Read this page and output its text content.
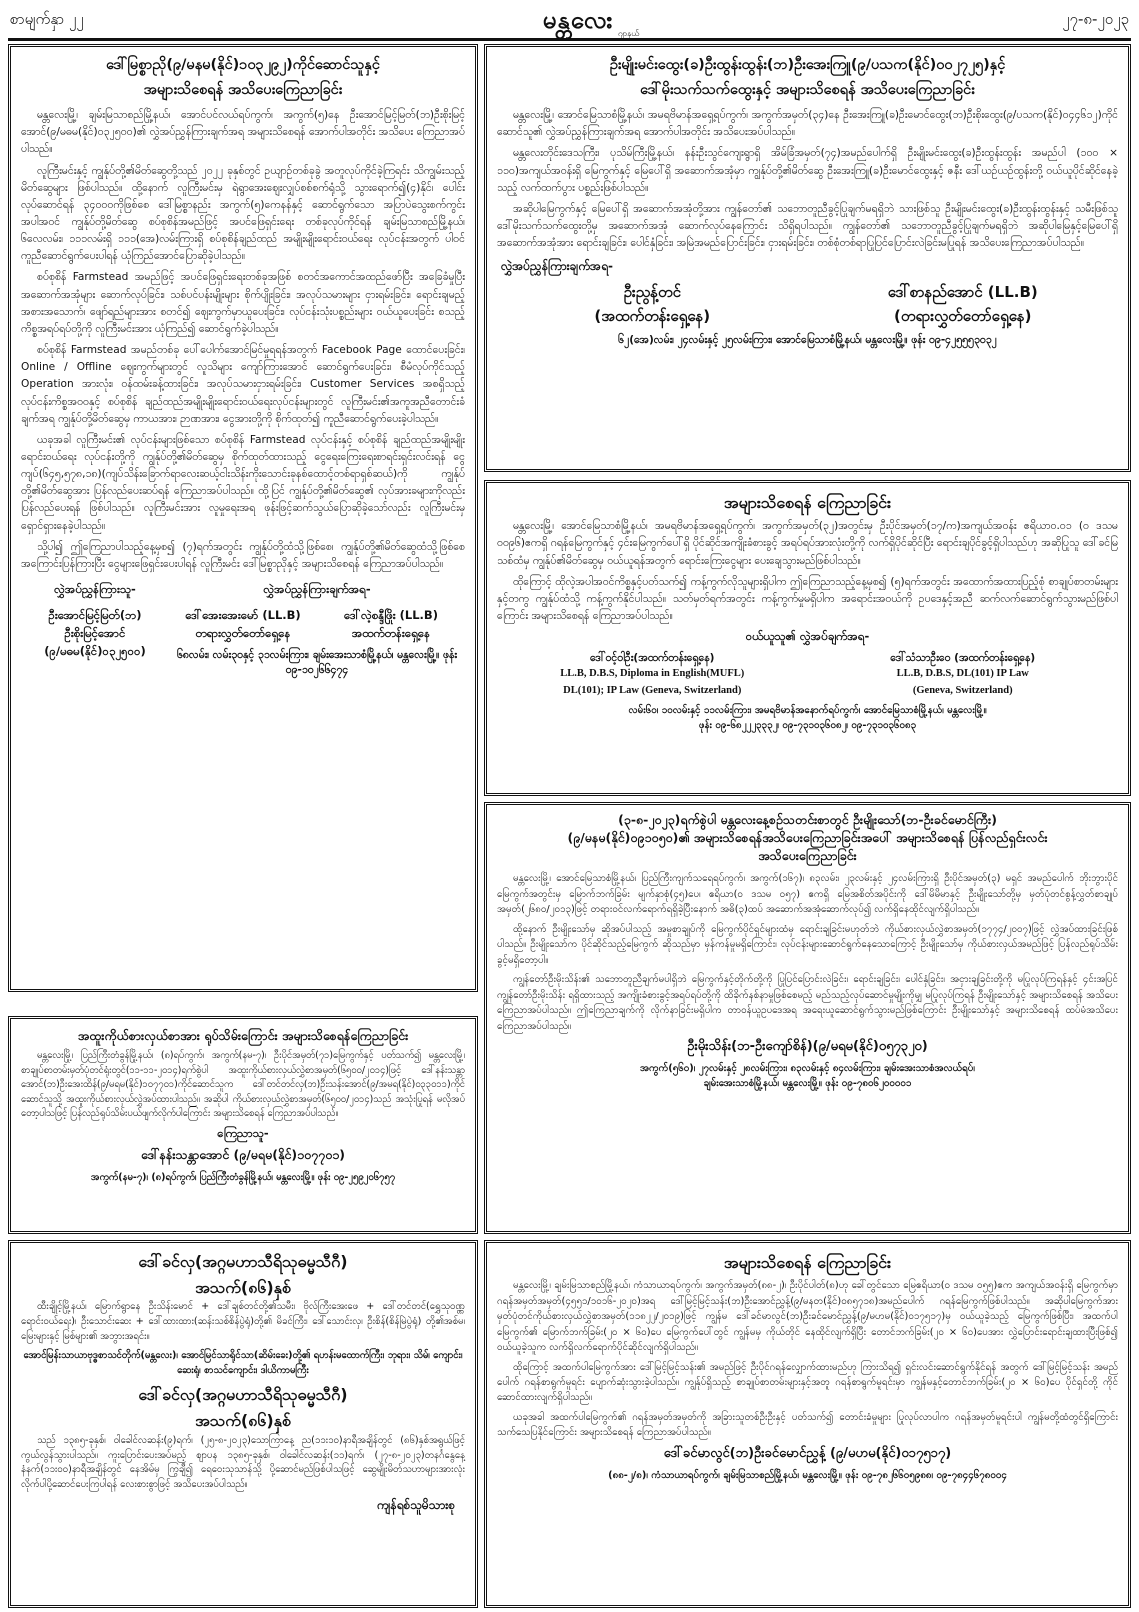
စာမျက်နှာ ၂၂	မန္တလေး ဂျာနယ်
၂၇-၈-၂၀၂၃
ဒေါ်မြစ္စာညို(၉/မနမ(နိုင်)၁၀၃၂၉၂)ကိုင်ဆောင်သူနှင့်
အများသိစေရန် အသိပေးကြေညာခြင်း

မန္တလေးမြို့၊ ချမ်းမြသာစည်မြို့နယ်၊ အောင်ပင်လယ်ရပ်ကွက်၊ အကွက်(၅)နေ ဦးအောင်မြင့်မြတ်(ဘ)ဦးစိုးမြင့်အောင်(၉/မဓမ(နိုင်)၀၃၂၅၀၀)၏ လွှဲအပ်ညွှန်ကြားချက်အရ အများသိစေရန် အောက်ပါအတိုင်း အသိပေး ကြေညာအပ်ပါသည်။

လူကြီးမင်းနှင့် ကျွန်ုပ်တို့၏မိတ်ဆွေတို့သည် ၂၀၂၂ ခုနှစ်တွင် ဥယျာဉ်တစ်ခုခွဲ အတူလုပ်ကိုင်ခဲ့ကြရင်း သိကျွမ်းသည့်မိတ်ဆွေများ ဖြစ်ပါသည်။ ထို့နောက် လူကြီးမင်းမှ ရဲရွာအေးဈေးလျှပ်စစ်စက်ရုံသို့ သွားရောက်၍(၄)နိုင်၊ ပေါင်းလုပ်ဆောင်ရန် ၃၄၀၀၀ကိုဖြစ်စေ ဒေါ်မြစ္စာနည်း အကွက်(၅)ကေနန်နှင့် ဆောင်ရွက်သော အပြာပဲသွေးစက်ကွင်းအပါအဝင် ကျွန်ုပ်တို့မိတ်ဆွေ စပ်စုစိန်အမည်ဖြင့် အပင်ဖြေရှင်းရေး တစ်ခုလုပ်ကိုင်ရန် ချမ်းမြသာစည်မြို့နယ်၊ ၆လေလမ်း၊ ၁၁၁လမ်းရှိ ၁၁၁(အေ)လမ်းကြားရှိ စပ်စုစိန်ချည်ထည် အမျိုးမျိုးရောင်းဝယ်ရေး လုပ်ငန်းအတွက် ပါဝင်ကူညီဆောင်ရွက်ပေးပါရန် ယုံကြည်အောင်ပြောဆိုခဲ့ပါသည်။

စပ်စုစိန် Farmstead အမည်ဖြင့် အပင်ဖြေရှင်းရေးတစ်ခုအဖြစ် စတင်အကောင်အထည်ဖော်ပြီး အခြေခံမှုပြီး အဆောက်အအုံများ ဆောက်လုပ်ခြင်း၊ သစ်ပင်ပန်းမျိုးများ စိုက်ပျိုးခြင်း၊ အလုပ်သမားများ ငှားရမ်းခြင်း၊ ရောင်းချမည့် အစားအသောက်၊ ဖျော်ရည်များအား စတင်၍ ဈေးကွက်မှာယူပေးခြင်း၊ လုပ်ငန်းသုံးပစ္စည်းများ ဝယ်ယူပေးခြင်း စသည့်ကိစ္စအရပ်ရပ်တို့ကို လူကြီးမင်းအား ယုံကြည်၍ ဆောင်ရွက်ခဲ့ပါသည်။

စပ်စုစိန် Farmstead အမည်တစ်ခု ပေါ်ပေါက်အောင်မြင်မှုရရန်အတွက် Facebook Page ထောင်ပေးခြင်း၊ Online / Offline ဈေးကွက်များတွင် လူသိများ ကျော်ကြားအောင် ဆောင်ရွက်ပေးခြင်း၊ စီမံလုပ်ကိုင်သည့် Operation အားလုံး၊ ဝန်ထမ်းခန့်ထားခြင်း၊ အလုပ်သမားငှားရမ်းခြင်း၊ Customer Services အစရှိသည့် လုပ်ငန်းကိစ္စအဝဝနှင့် စပ်စုစိန် ချည်ထည်အမျိုးမျိုးရောင်းဝယ်ရေးလုပ်ငန်းများတွင် လူကြီးမင်း၏အကူအညီတောင်းခံချက်အရ ကျွန်ုပ်တို့မိတ်ဆွေမှ ကာယအား၊ ဉာဏအား၊ ငွေအားတို့ကို စိုက်ထုတ်၍ ကူညီဆောင်ရွက်ပေးခဲ့ပါသည်။

ယခုအခါ လူကြီးမင်း၏ လုပ်ငန်းများဖြစ်သော စပ်စုစိန် Farmstead လုပ်ငန်းနှင့် စပ်စုစိန် ချည်ထည်အမျိုးမျိုးရောင်းဝယ်ရေး လုပ်ငန်းတို့ကို ကျွန်ုပ်တို့၏မိတ်ဆွေမှ စိုက်ထုတ်ထားသည့် ငွေရေးကြေးရေးစာရင်းရှင်းလင်းရန် ငွေကျပ်(၆၄၅,၅၇၈,၁၈)(ကျပ်သိန်းခြောက်ရာလေးဆယ့်ငါးသိန်းကိုးသောင်းခုနစ်ထောင့်တစ်ရာရှစ်ဆယ်)ကို ကျွန်ုပ်တို့၏မိတ်ဆွေအား ပြန်လည်ပေးဆပ်ရန် ကြေညာအပ်ပါသည်။ ထို့ပြင် ကျွန်ုပ်တို့၏မိတ်ဆွေ၏ လုပ်အားခများကိုလည်း ပြန်လည်ပေးရန် ဖြစ်ပါသည်။ လူကြီးမင်းအား လူမှုရေးအရ ဖုန်းဖြင့်ဆက်သွယ်ပြောဆိုခဲ့သော်လည်း လူကြီးမင်းမှ ရှောင်ရှားနေခဲ့ပါသည်။

သို့ပါ၍ ဤကြေညာပါသည့်နေ့မှစ၍ (၇)ရက်အတွင်း ကျွန်ုပ်တို့ထံသို့ဖြစ်စေ၊ ကျွန်ုပ်တို့၏မိတ်ဆွေထံသို့ဖြစ်စေ အကြောင်းပြန်ကြားပြီး ငွေများဖြေရှင်းပေးပါရန် လူကြီးမင်း ဒေါ်မြစ္စာညိုနှင့် အများသိစေရန် ကြေညာအပ်ပါသည်။

လွှဲအပ်ညွှန်ကြားသူ-
ဦးအောင်မြင့်မြတ်(ဘ)
ဦးစိုးမြင့်အောင်
(၉/မဓမ(နိုင်)၀၃၂၅၀၀)
လွှဲအပ်ညွှန်ကြားချက်အရ-
ဒေါ်အေးအေးမော် (LL.B)
တရားလွှတ်တော်ရှေ့နေ
ဒေါ်လဲ့စန္ဒီဖြိုး (LL.B)
အထက်တန်းရှေ့နေ
၆၈လမ်း၊ လမ်း၃၀နှင့် ၃၁လမ်းကြား၊ ချမ်းအေးသာစံမြို့နယ်၊ မန္တလေးမြို့။ ဖုန်း ၀၉-၁၀၂၆၆၄၇၄
အထူးကိုယ်စားလှယ်စာအား ရုပ်သိမ်းကြောင်း အများသိစေရန်ကြေညာခြင်း

မန္တလေးမြို့၊ ပြည်ကြီးတံခွန်မြို့နယ်၊ (၈)ရပ်ကွက်၊ အကွက်(နမ-၇)၊ ဦးပိုင်အမှတ်(၇၁)မြေကွက်နှင့် ပတ်သက်၍ မန္တလေးမြို့၊ စာချုပ်စာတမ်းမှတ်ပုံတင်ရုံးတွင်(၁၁-၁၁-၂၀၁၄)ရက်စွဲပါ အထူးကိုယ်စားလှယ်လွှဲစာအမှတ်(၆၅၀၀/၂၀၁၄)ဖြင့် ဒေါ်နန်းသန္တာအောင်(ဘ)ဦးအေးထိန်(၉/မရမ(နိုင်)၁၀၇၇၀၁)ကိုင်ဆောင်သူက ဒေါ်တင်တင်လှ(ဘ)ဦးသန်းအောင်(၉/အမရ(နိုင်)၀၃၃၀၁၁)ကိုင်ဆောင်သူသို့ အထူးကိုယ်စားလှယ်လွှဲအပ်ထားပါသည်။ အဆိုပါ ကိုယ်စားလှယ်လွှဲစာအမှတ်(၆၅၀၀/၂၀၁၄)သည် အသုံးပြုရန် မလိုအပ်တော့ပါသဖြင့် ပြန်လည်ရုပ်သိမ်းပယ်ဖျက်လိုက်ပါကြောင်း အများသိစေရန် ကြေညာအပ်ပါသည်။

ကြေညာသူ-
ဒေါ်နန်းသန္တာအောင် (၉/မရမ(နိုင်)၁၀၇၇၀၁)
အကွက်(နမ-၇)၊ (၈)ရပ်ကွက်၊ ပြည်ကြီးတံခွန်မြို့နယ်၊ မန္တလေးမြို့။ ဖုန်း ၀၉-၂၅၉၂၀၆၇၅၇
ဒေါ်ခင်လှ(အဂ္ဂမဟာသီရိသုဓမ္မသီဂီ)
အသက်(၈၆)နှစ်

ထီးချိုင့်မြို့နယ်၊ မြောက်ရွာနေ ဦးသိန်းမောင် + ဒေါ်ချစ်တင်တို့၏သမီး၊ ဗိုလ်ကြီးအေးဖေ + ဒေါ်တင်တင်(ရွှေသုဝဏ္ဏရောင်းဝယ်ရေး)၊ ဦးသောင်းဆေး + ဒေါ်ထားထား(ဆန်းသစ်စိန်ပွဲရုံ)တို့၏ မိခင်ကြီး၊ ဒေါ်သောင်းလှ၊ ဦးစိန်(စိန်မြဲပွဲရုံ) တို့၏အစ်မ၊ မြေးများနှင့် မြစ်များ၏ အဘွားအရင်း။

အောင်မြန်းသာယာဗုဒ္ဓစာသင်တိုက်(မန္တလေး)၊ အောင်မြင်သာရိုင်သာ(ဆိမ်းခေး)တို့၏ ရဟန်းမထောက်ကြီး၊ ဘုရား၊ သိမ်၊ ကျောင်း၊ ဆေးရုံ၊ စာသင်ကျောင်း၊ ဒါယိကာမကြီး

ဒေါ်ခင်လှ(အဂ္ဂမဟာသီရိသုဓမ္မသီဂီ)
အသက်(၈၆)နှစ်

သည် ၁၃၈၅-ခုနှစ်၊ ဝါခေါင်လဆန်း(၉)ရက်၊ (၂၅-၈-၂၀၂၃)သောကြာနေ့ ည(၁၁း၁၀)နာရီအချိန်တွင် (၈၆)နှစ်အရွယ်ဖြင့် ကွယ်လွန်သွားပါသည်။ ကူးပြောင်းပေးအပ်မည့် ဈာပန ၁၃၈၅-ခုနှစ်၊ ဝါခေါင်လဆန်း(၁၁)ရက်၊ (၂၇-၈-၂၀၂၃)တနင်္ဂနွေနေ့ နံနက်(၁၁း၀၀)နာရီအချိန်တွင် နေအိမ်မှ ကြွချီ၍ ရေဝေးသုသာန်သို့ ပို့ဆောင်မည်ဖြစ်ပါသဖြင့် ဆွေမျိုးမိတ်သဟာများအားလုံး လိုက်ပါပို့ဆောင်ပေးကြပါရန် လေးစားစွာဖြင့် အသိပေးအပ်ပါသည်။

ကျန်ရစ်သူမိသားစု
ဦးမျိုးမင်းထွေး(ခ)ဦးထွန်းထွန်း(ဘ)ဦးအေးကြူ(၉/ပသက(နိုင်)၀၀၂၇၂၅)နှင့်
ဒေါ်မိုးသက်သက်ထွေးနှင့် အများသိစေရန် အသိပေးကြေညာခြင်း

မန္တလေးမြို့၊ အောင်မြေသာစံမြို့နယ်၊ အမရဗိမာန်အရှေ့ရပ်ကွက်၊ အကွက်အမှတ်(၃၄)နေ ဦးအေးကြူ(ခ)ဦးမောင်ထွေး(ဘ)ဦးစိုးထွေး(၉/ပသက(နိုင်)၀၄၄၆၁၂)ကိုင်ဆောင်သူ၏ လွှဲအပ်ညွှန်ကြားချက်အရ အောက်ပါအတိုင်း အသိပေးအပ်ပါသည်။

မန္တလေးတိုင်းဒေသကြီး၊ ပုသိမ်ကြီးမြို့နယ်၊ နန်းဦးသွင်ကျေးရွာရှိ အိမ်ခြံအမှတ်(၇၄)အမည်ပေါက်ရှိ ဦးမျိုးမင်းထွေး(ခ)ဦးထွန်းထွန်း အမည်ပါ (၁၀၀ × ၁၁၀)အကျယ်အဝန်းရှိ မြေကွက်နှင့် မြေပေါ်ရှိ အဆောက်အအုံမှာ ကျွန်ုပ်တို့၏မိတ်ဆွေ ဦးအေးကြူ(ခ)ဦးမောင်ထွေးနှင့် ဇနီး ဒေါ်ယဉ်ယဉ်ထွန်းတို့ ဝယ်ယူပိုင်ဆိုင်နေခဲ့သည့် လက်ထက်ပွား ပစ္စည်းဖြစ်ပါသည်။

အဆိုပါမြေကွက်နှင့် မြေပေါ်ရှိ အဆောက်အအုံတို့အား ကျွန်တော်၏ သဘောတူညီခွင့်ပြုချက်မရရှိဘဲ သားဖြစ်သူ ဦးမျိုးမင်းထွေး(ခ)ဦးထွန်းထွန်းနှင့် သမီးဖြစ်သူ ဒေါ်မိုးသက်သက်ထွေးတို့မှ အဆောက်အအုံ ဆောက်လုပ်နေကြောင်း သိရှိရပါသည်။ ကျွန်တော်၏ သဘောတူညီခွင့်ပြုချက်မရရှိဘဲ အဆိုပါမြေနှင့်မြေပေါ်ရှိ အဆောက်အအုံအား ရောင်းချခြင်း၊ ပေါင်နှံခြင်း၊ အမြဲအမည်ပြောင်းခြင်း၊ ငှားရမ်းခြင်း၊ တစ်စုံတစ်ရာပြုပြင်ပြောင်းလဲခြင်းမပြုရန် အသိပေးကြေညာအပ်ပါသည်။

လွှဲအပ်ညွှန်ကြားချက်အရ-
ဦးညွန့်တင်
(အထက်တန်းရှေ့နေ)
ဒေါ်စာနည်အောင် (LL.B)
(တရားလွှတ်တော်ရှေ့နေ)
၆၂(အေ)လမ်း၊ ၂၄လမ်းနှင့် ၂၅လမ်းကြား၊ အောင်မြေသာစံမြို့နယ်၊ မန္တလေးမြို့။ ဖုန်း ၀၉-၄၂၅၅၅၃၀၃၂
အများသိစေရန် ကြေညာခြင်း

မန္တလေးမြို့၊ အောင်မြေသာစံမြို့နယ်၊ အမရဗိမာန်အရှေ့ရပ်ကွက်၊ အကွက်အမှတ်(၃၂)အတွင်းမှ ဦးပိုင်အမှတ်(၁၇/က)အကျယ်အဝန်း ဧရိယာ၀.၀၁ (၀ ဒသမ ၀၀၉၆)ဧကရှိ ဂရန်မြေကွက်နှင့် ၄င်းမြေကွက်ပေါ်ရှိ ပိုင်ဆိုင်အကျိုးခံစားခွင့် အရပ်ရပ်အားလုံးတို့ကို လက်ရှိပိုင်ဆိုင်ပြီး ရောင်းချပိုင်ခွင့်ရှိပါသည်ဟု အဆိုပြုသူ ဒေါ်ခင်မြသစ်ထံမှ ကျွန်ုပ်၏မိတ်ဆွေမှ ဝယ်ယူရန်အတွက် ရောင်းကြေးငွေများ ပေးချေသွားမည်ဖြစ်ပါသည်။

ထိုကြောင့် ထိုလဲ့အပါအဝင်ကိစ္စနှင့်ပတ်သက်၍ ကန့်ကွက်လိုသူများရှိပါက ဤကြေညာသည့်နေ့မှစ၍ (၅)ရက်အတွင်း အထောက်အထားပြည့်စုံ စာချုပ်စာတမ်းများနှင့်တကွ ကျွန်ုပ်ထံသို့ ကန့်ကွက်နိုင်ပါသည်။ သတ်မှတ်ရက်အတွင်း ကန့်ကွက်မှုမရှိပါက အရောင်းအဝယ်ကို ဥပဒေနှင့်အညီ ဆက်လက်ဆောင်ရွက်သွားမည်ဖြစ်ပါကြောင်း အများသိစေရန် ကြေညာအပ်ပါသည်။

ဝယ်ယူသူ၏ လွှဲအပ်ချက်အရ-
ဒေါ်ဝင့်ဝါဦး(အထက်တန်းရှေ့နေ)
LL.B, D.B.S, Diploma in English(MUFL)
DL(101); IP Law (Geneva, Switzerland)
ဒေါ်သံသာဦးဝေ (အထက်တန်းရှေ့နေ)
LL.B, D.B.S, DL(101) IP Law
(Geneva, Switzerland)
လမ်း၆၀၊ ၁၀လမ်းနှင့် ၁၁လမ်းကြား၊ အမရဗိမာန်အနောက်ရပ်ကွက်၊ အောင်မြေသာစံမြို့နယ်၊ မန္တလေးမြို့။
ဖုန်း ၀၉-၆၈၂၂၂၃၃၃၂၊ ၀၉-၇၃၁၀၃၆၀၈၂၊ ၀၉-၇၃၁၀၃၆၀၈၃
(၃-၈-၂၀၂၃)ရက်စွဲပါ မန္တလေးနေ့စဉ်သတင်းစာတွင် ဦးမျိုးသော်(ဘ-ဦးခင်မောင်ကြီး)
(၉/မနမ(နိုင်)၀၉၁၀၅၀)၏ အများသိစေရန်အသိပေးကြေညာခြင်းအပေါ် အများသိစေရန် ပြန်လည်ရှင်းလင်း
အသိပေးကြေညာခြင်း

မန္တလေးမြို့၊ အောင်မြေသာစံမြို့နယ်၊ ပြည်ကြီးကျက်သရေရပ်ကွက်၊ အကွက်(၁၆၇)၊ ၈၃လမ်း၊ ၂၃လမ်းနှင့် ၂၄လမ်းကြားရှိ ဦးပိုင်အမှတ်(၃) မရှင် အမည်ပေါက် ဘိုးဘွားပိုင်မြေကွက်အတွင်းမှ မြောက်ဘက်ခြမ်း မျက်နှာစုံ(၄၅)ပေ၊ ဧရိယာ(၀ ဒသမ ၀၅၇) ဧကရှိ မြေအစိတ်အပိုင်းကို ဒေါ်မိမိမာနှင့် ဦးမျိုးသော်တို့မှ မှတ်ပုံတင်စွန့်လွှတ်စာချုပ်အမှတ်(၂၆၈၀/၂၀၁၃)ဖြင့် တရားဝင်လက်ရောက်ရရှိခဲ့ပြီးနောက် အဓိ(၃)ထပ် အဆောက်အအုံဆောက်လုပ်၍ လက်ရှိနေထိုင်လျက်ရှိပါသည်။

ထို့နောက် ဦးမျိုးသော်မှ ဆိုအပ်ပါသည့် အမှုစာချုပ်ကို မြေကွက်ပိုင်ရှင်များထံမှ ရောင်းချခြင်းမဟုတ်ဘဲ ကိုယ်စားလှယ်လွှဲစာအမှတ်(၁၇၇၄/၂၀၀၇)ဖြင့် လွှဲအပ်ထားခြင်းဖြစ်ပါသည်။ ဦးမျိုးသော်က ပိုင်ဆိုင်သည့်မြေကွက် ဆိုသည်မှာ မှန်ကန်မှုမရှိကြောင်း၊ လုပ်ငန်းများဆောင်ရွက်နေသောကြောင့် ဦးမျိုးသော်မှ ကိုယ်စားလှယ်အမည်ဖြင့် ပြန်လည်ရုပ်သိမ်းခွင့်မရှိတော့ပါ။

ကျွန်တော်ဦးမိုးသိန်း၏ သဘောတူညီချက်မပါရှိဘဲ မြေကွက်နှင့်တိုက်တို့ကို ပြုပြင်ပြောင်းလဲခြင်း၊ ရောင်းချခြင်း၊ ပေါင်နှံခြင်း၊ အငှားချခြင်းတို့ကို မပြုလုပ်ကြရန်နှင့် ၄င်းအပြင် ကျွန်တော်ဦးမိုးသိန်း ရရှိထားသည့် အကျိုးခံစားခွင့်အရပ်ရပ်တို့ကို ထိခိုက်နစ်နာမှုဖြစ်စေမည့် မည်သည့်လုပ်ဆောင်မှုမျိုးကိုမျှ မပြုလုပ်ကြရန် ဦးမျိုးသော်နှင့် အများသိစေရန် အသိပေးကြေညာအပ်ပါသည်။ ဤကြေညာချက်ကို လိုက်နာခြင်းမရှိပါက တာဝန်ယူဥပဒေအရ အရေးယူဆောင်ရွက်သွားမည်ဖြစ်ကြောင်း ဦးမျိုးသော်နှင့် အများသိစေရန် ထပ်မံအသိပေးကြေညာအပ်ပါသည်။

ဦးမိုးသိန်း(ဘ-ဦးကျော်စိန်)(၉/မရမ(နိုင်)၀၅၇၃၂၀)
အကွက်(၅၆၀)၊ ၂၇လမ်းနှင့် ၂၈လမ်းကြား၊ ၈၃လမ်းနှင့် ၈၄လမ်းကြား၊ ချမ်းအေးသာစံအလယ်ရပ်၊
ချမ်းအေးသာစံမြို့နယ်၊ မန္တလေးမြို့။ ဖုန်း ၀၉-၇၈၀၆၂၀၀၀၀၁
အများသိစေရန် ကြေညာခြင်း

မန္တလေးမြို့၊ ချမ်းမြသာစည်မြို့နယ်၊ ကံသာယာရပ်ကွက်၊ အကွက်အမှတ်(၈၈-၂)၊ ဦးပိုင်ပါတ်(၈)ဟု ခေါ်တွင်သော မြေဧရိယာ(၀ ဒသမ ၀၅၅)ဧက အကျယ်အဝန်းရှိ မြေကွက်မှာ ဂရန်အမှတ်အမှတ်(၄၅၅၁/၁၀၁၆-၂၀၂၀)အရ ဒေါ်မြင့်မြင့်သန်း(ဘ)ဦးအောင်ညွှန့်(၉/မနတ(နိုင်)၀၈၅၇၁၈)အမည်ပေါက် ဂရန်မြေကွက်ဖြစ်ပါသည်။ အဆိုပါမြေကွက်အား မှတ်ပုံတင်ကိုယ်စားလှယ်လွှဲစာအမှတ်(၁၁၈၂၂/၂၀၁၉)ဖြင့် ကျွန်မ ဒေါ်ခင်မာလွင်(ဘ)ဦးခင်မောင်ညွှန့်(၉/မဟမ(နိုင်)၀၁၇၅၁၇)မှ ဝယ်ယူခဲ့သည့် မြေကွက်ဖြစ်ပြီး၊ အထက်ပါမြေကွက်၏ မြောက်ဘက်ခြမ်း(၂၀ × ၆၀)ပေ မြေကွက်ပေါ်တွင် ကျွန်မမှ ကိုယ်တိုင် နေထိုင်လျက်ရှိပြီး တောင်ဘက်ခြမ်း(၂၀ × ၆၀)ပေအား လွှဲပြောင်းရောင်းချထားပြီးဖြစ်၍ ဝယ်ယူခဲ့သူက လက်ရှိလက်ရောက်ပိုင်ဆိုင်လျက်ရှိပါသည်။

ထိုကြောင့် အထက်ပါမြေကွက်အား ဒေါ်မြင့်မြင့်သန်း၏ အမည်ဖြင့် ဦးပိုင်ဂရန်လျှောက်ထားမည်ဟု ကြားသိရ၍ ရှင်းလင်းဆောင်ရွက်နိုင်ရန် အတွက် ဒေါ်မြင့်မြင့်သန်း အမည်ပေါက် ဂရန်စာရွက်မူရင်း ပျောက်ဆုံးသွားခဲ့ပါသည်။ ကျွန်ုပ်ရှိသည့် စာချုပ်စာတမ်းများနှင့်အတူ ဂရန်စာရွက်မူရင်းမှာ ကျွန်မနှင့်တောင်ဘက်ခြမ်း(၂၀ × ၆၀)ပေ ပိုင်ရှင်တို့ ကိုင်ဆောင်ထားလျက်ရှိပါသည်။

ယခုအခါ အထက်ပါမြေကွက်၏ ဂရန်အမှတ်အမှတ်ကို အခြားသူတစ်ဦးဦးနှင့် ပတ်သက်၍ တောင်းခံမှုများ ပြုလုပ်လာပါက ဂရန်အမှတ်မူရင်းပါ ကျွန်မတို့ထံတွင်ရှိကြောင်း သက်သေပြနိုင်ကြောင်း အများသိစေရန် ကြေညာအပ်ပါသည်။

ဒေါ်ခင်မာလွင်(ဘ)ဦးခင်မောင်ညွှန့် (၉/မဟမ(နိုင်)၀၁၇၅၁၇)
(၈၈-၂/၈)၊ ကံသာယာရပ်ကွက်၊ ချမ်းမြသာစည်မြို့နယ်၊ မန္တလေးမြို့။ ဖုန်း ၀၉-၇၈၂၆၆၀၅၉၈၈၊ ၀၉-၇၈၄၄၆၇၈၀၀၄
